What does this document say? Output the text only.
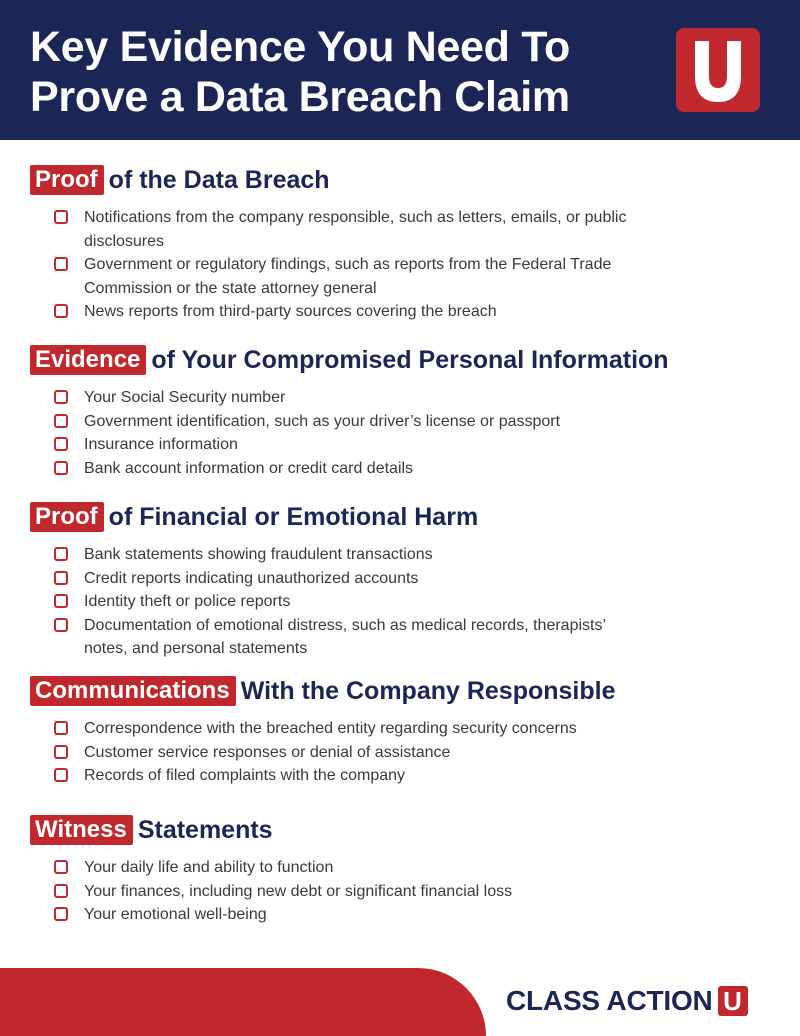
Key Evidence You Need To
Prove a Data Breach Claim
Proof of the Data Breach
Notifications from the company responsible, such as letters, emails, or public
disclosures
Government or regulatory findings, such as reports from the Federal Trade
Commission or the state attorney general
News reports from third-party sources covering the breach
Evidence of Your Compromised Personal Information
Your Social Security number
Government identification, such as your driver’s license or passport
Insurance information
Bank account information or credit card details
Proof of Financial or Emotional Harm
Bank statements showing fraudulent transactions
Credit reports indicating unauthorized accounts
Identity theft or police reports
Documentation of emotional distress, such as medical records, therapists’
notes, and personal statements
Communications With the Company Responsible
Correspondence with the breached entity regarding security concerns
Customer service responses or denial of assistance
Records of filed complaints with the company
Witness Statements
Your daily life and ability to function
Your finances, including new debt or significant financial loss
Your emotional well-being
CLASS ACTION U
